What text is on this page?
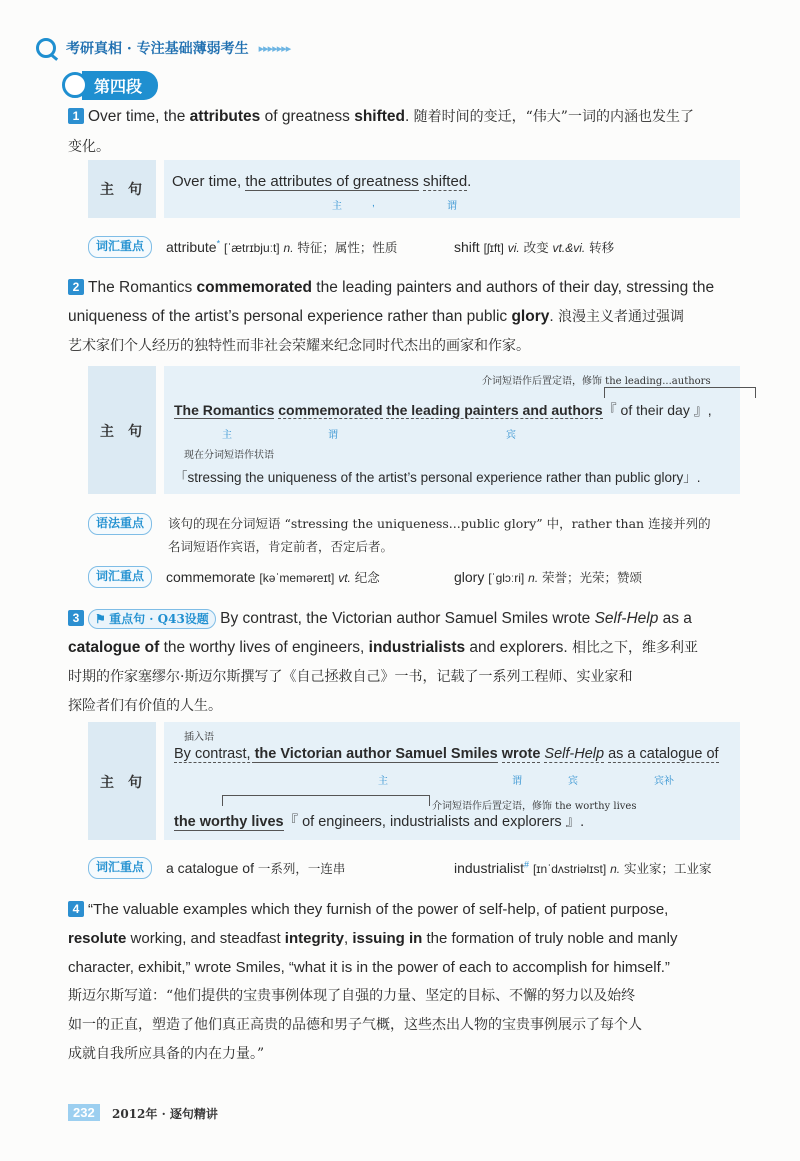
考研真相 · 专注基础薄弱考生 ▸▸▸▸▸▸▸
第四段
1 Over time, the attributes of greatness shifted. 随着时间的变迁，“伟大”一词的内涵也发生了
变化。
主　句 Over time, the attributes of greatness shifted.
主	,	谓
词汇重点	attribute* [ˈætrɪbjuːt] n. 特征；属性；性质	shift [ʃɪft] vi. 改变 vt.&vi. 转移
2 The Romantics commemorated the leading painters and authors of their day, stressing the
uniqueness of the artist’s personal experience rather than public glory. 浪漫主义者通过强调
艺术家们个人经历的独特性而非社会荣耀来纪念同时代杰出的画家和作家。
主　句
介词短语作后置定语，修饰 the leading...authors
The Romantics commemorated the leading painters and authors『 of their day 』,
主	谓	宾
现在分词短语作状语
「stressing the uniqueness of the artist’s personal experience rather than public glory」.
语法重点	该句的现在分词短语 “stressing the uniqueness...public glory” 中，rather than 连接并列的
名词短语作宾语，肯定前者，否定后者。
词汇重点	commemorate [kəˈmeməreɪt] vt. 纪念	glory [ˈɡlɔːri] n. 荣誉；光荣；赞颂
3 ⚑ 重点句 · Q43设题 By contrast, the Victorian author Samuel Smiles wrote Self-Help as a
catalogue of the worthy lives of engineers, industrialists and explorers. 相比之下，维多利亚
时期的作家塞缪尔·斯迈尔斯撰写了《自己拯救自己》一书，记载了一系列工程师、实业家和
探险者们有价值的人生。
主　句
插入语
By contrast, the Victorian author Samuel Smiles wrote Self-Help as a catalogue of
主	谓	宾	宾补
介词短语作后置定语，修饰 the worthy lives
the worthy lives『 of engineers, industrialists and explorers 』.
词汇重点	a catalogue of 一系列，一连串	industrialist# [ɪnˈdʌstriəlɪst] n. 实业家；工业家
4 “The valuable examples which they furnish of the power of self-help, of patient purpose,
resolute working, and steadfast integrity, issuing in the formation of truly noble and manly
character, exhibit,” wrote Smiles, “what it is in the power of each to accomplish for himself.”
斯迈尔斯写道：“他们提供的宝贵事例体现了自强的力量、坚定的目标、不懈的努力以及始终
如一的正直，塑造了他们真正高贵的品德和男子气概，这些杰出人物的宝贵事例展示了每个人
成就自我所应具备的内在力量。”
232	2012年 · 逐句精讲
